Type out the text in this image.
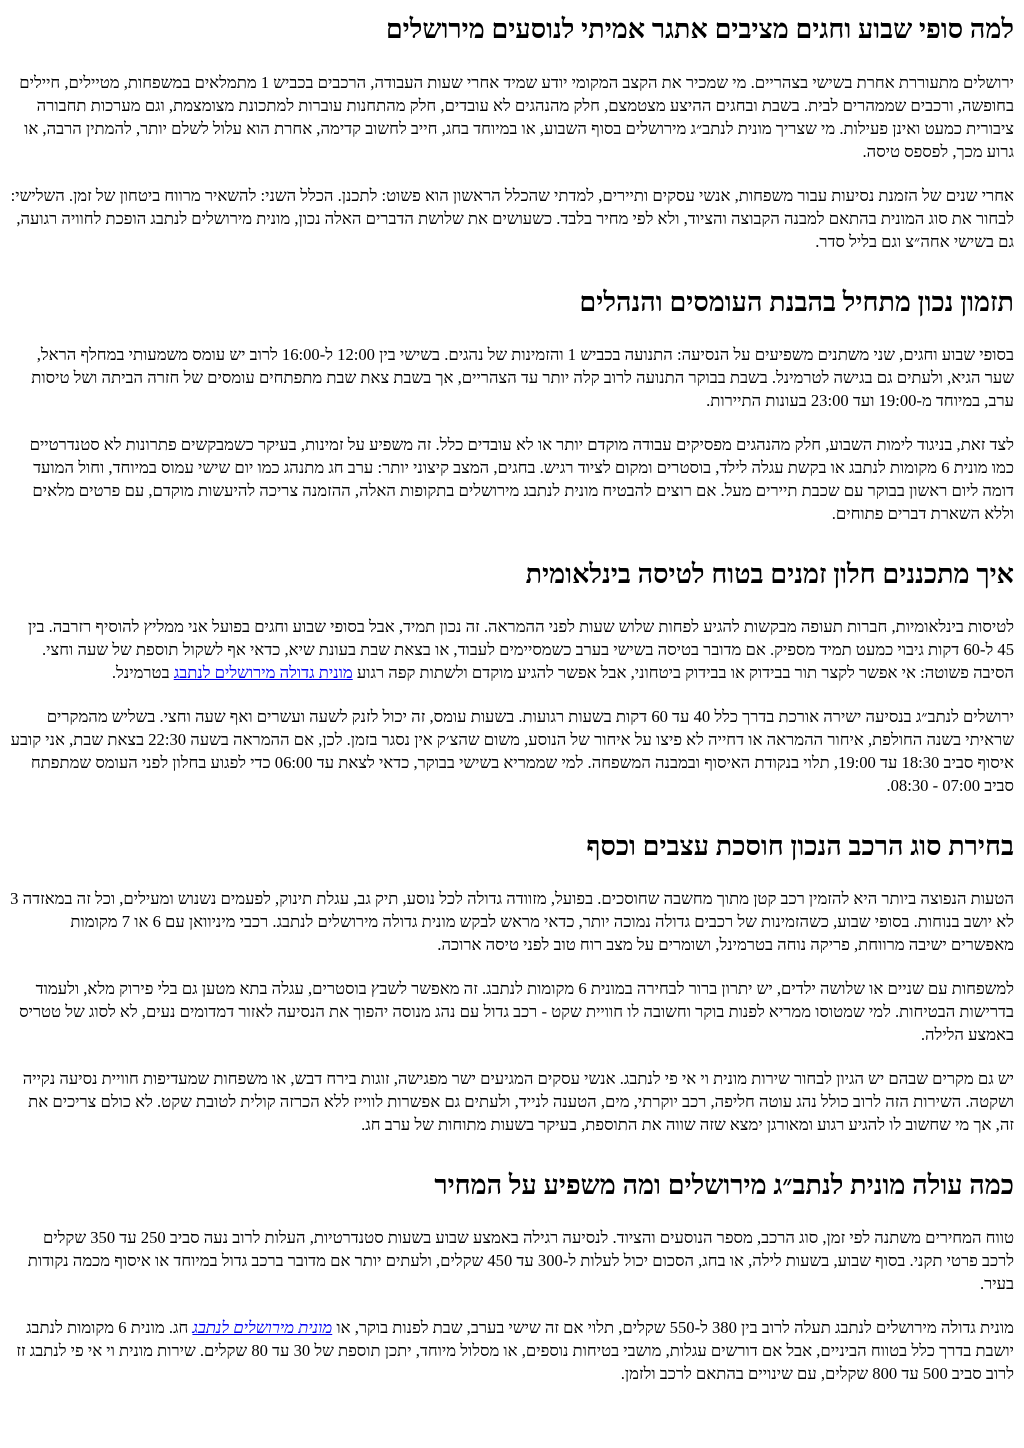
למה סופי שבוע וחגים מציבים אתגר אמיתי לנוסעים מירושלים

ירושלים מתעוררת אחרת בשישי בצהריים. מי שמכיר את הקצב המקומי יודע שמיד אחרי שעות העבודה, הרכבים בכביש 1 מתמלאים במשפחות, מטיילים, חיילים בחופשה, ורכבים שממהרים לבית. בשבת ובחגים ההיצע מצטמצם, חלק מהנהגים לא עובדים, חלק מהתחנות עוברות למתכונת מצומצמת, וגם מערכות תחבורה ציבורית כמעט ואינן פעילות. מי שצריך מונית לנתב״ג מירושלים בסוף השבוע, או במיוחד בחג, חייב לחשוב קדימה, אחרת הוא עלול לשלם יותר, להמתין הרבה, או גרוע מכך, לפספס טיסה.

אחרי שנים של הזמנת נסיעות עבור משפחות, אנשי עסקים ותיירים, למדתי שהכלל הראשון הוא פשוט: לתכנן. הכלל השני: להשאיר מרווח ביטחון של זמן. השלישי: לבחור את סוג המונית בהתאם למבנה הקבוצה והציוד, ולא לפי מחיר בלבד. כשעושים את שלושת הדברים האלה נכון, מונית מירושלים לנתבג הופכת לחוויה רגועה, גם בשישי אחה״צ וגם בליל סדר.

תזמון נכון מתחיל בהבנת העומסים והנהלים

בסופי שבוע וחגים, שני משתנים משפיעים על הנסיעה: התנועה בכביש 1 והזמינות של נהגים. בשישי בין 12:00 ל-16:00 לרוב יש עומס משמעותי במחלף הראל, שער הגיא, ולעתים גם בגישה לטרמינל. בשבת בבוקר התנועה לרוב קלה יותר עד הצהריים, אך בשבת צאת שבת מתפתחים עומסים של חזרה הביתה ושל טיסות ערב, במיוחד מ-19:00 ועד 23:00 בעונות התיירות.

לצד זאת, בניגוד לימות השבוע, חלק מהנהגים מפסיקים עבודה מוקדם יותר או לא עובדים כלל. זה משפיע על זמינות, בעיקר כשמבקשים פתרונות לא סטנדרטיים כמו מונית 6 מקומות לנתבג או בקשת עגלה לילד, בוסטרים ומקום לציוד רגיש. בחגים, המצב קיצוני יותר: ערב חג מתנהג כמו יום שישי עמוס במיוחד, וחול המועד דומה ליום ראשון בבוקר עם שכבת תיירים מעל. אם רוצים להבטיח מונית לנתבג מירושלים בתקופות האלה, ההזמנה צריכה להיעשות מוקדם, עם פרטים מלאים וללא השארת דברים פתוחים.

איך מתכננים חלון זמנים בטוח לטיסה בינלאומית

לטיסות בינלאומיות, חברות תעופה מבקשות להגיע לפחות שלוש שעות לפני ההמראה. זה נכון תמיד, אבל בסופי שבוע וחגים בפועל אני ממליץ להוסיף רזרבה. בין 45 ל-60 דקות גיבוי כמעט תמיד מספיק. אם מדובר בטיסה בשישי בערב כשמסיימים לעבוד, או בצאת שבת בעונת שיא, כדאי אף לשקול תוספת של שעה וחצי. הסיבה פשוטה: אי אפשר לקצר תור בבידוק או בבידוק ביטחוני, אבל אפשר להגיע מוקדם ולשתות קפה רגוע מונית גדולה מירושלים לנתבג בטרמינל.

ירושלים לנתב״ג בנסיעה ישירה אורכת בדרך כלל 40 עד 60 דקות בשעות רגועות. בשעות עומס, זה יכול לזנק לשעה ועשרים ואף שעה וחצי. בשליש מהמקרים שראיתי בשנה החולפת, איחור ההמראה או דחייה לא פיצו על איחור של הנוסע, משום שהצ׳ק אין נסגר בזמן. לכן, אם ההמראה בשעה 22:30 בצאת שבת, אני קובע איסוף סביב 18:30 עד 19:00, תלוי בנקודת האיסוף ובמבנה המשפחה. למי שממריא בשישי בבוקר, כדאי לצאת עד 06:00 כדי לפגוע בחלון לפני העומס שמתפתח סביב 07:00 - 08:30.

בחירת סוג הרכב הנכון חוסכת עצבים וכסף

הטעות הנפוצה ביותר היא להזמין רכב קטן מתוך מחשבה שחוסכים. בפועל, מזוודה גדולה לכל נוסע, תיק גב, עגלת תינוק, לפעמים נשנוש ומעילים, וכל זה במאזדה 3 לא יושב בנוחות. בסופי שבוע, כשהזמינות של רכבים גדולה נמוכה יותר, כדאי מראש לבקש מונית גדולה מירושלים לנתבג. רכבי מיניוואן עם 6 או 7 מקומות מאפשרים ישיבה מרווחת, פריקה נוחה בטרמינל, ושומרים על מצב רוח טוב לפני טיסה ארוכה.

למשפחות עם שניים או שלושה ילדים, יש יתרון ברור לבחירה במונית 6 מקומות לנתבג. זה מאפשר לשבץ בוסטרים, עגלה בתא מטען גם בלי פירוק מלא, ולעמוד בדרישות הבטיחות. למי שמטוסו ממריא לפנות בוקר וחשובה לו חוויית שקט - רכב גדול עם נהג מנוסה יהפוך את הנסיעה לאזור דמדומים נעים, לא לסוג של טטריס באמצע הלילה.

יש גם מקרים שבהם יש הגיון לבחור שירות מונית וי אי פי לנתבג. אנשי עסקים המגיעים ישר מפגישה, זוגות בירח דבש, או משפחות שמעדיפות חוויית נסיעה נקייה ושקטה. השירות הזה לרוב כולל נהג עוטה חליפה, רכב יוקרתי, מים, הטענה לנייד, ולעתים גם אפשרות לווייז ללא הכרזה קולית לטובת שקט. לא כולם צריכים את זה, אך מי שחשוב לו להגיע רגוע ומאורגן ימצא שזה שווה את התוספת, בעיקר בשעות מתוחות של ערב חג.

כמה עולה מונית לנתב״ג מירושלים ומה משפיע על המחיר

טווח המחירים משתנה לפי זמן, סוג הרכב, מספר הנוסעים והציוד. לנסיעה רגילה באמצע שבוע בשעות סטנדרטיות, העלות לרוב נעה סביב 250 עד 350 שקלים לרכב פרטי תקני. בסוף שבוע, בשעות לילה, או בחג, הסכום יכול לעלות ל-300 עד 450 שקלים, ולעתים יותר אם מדובר ברכב גדול במיוחד או איסוף מכמה נקודות בעיר.

מונית גדולה מירושלים לנתבג תעלה לרוב בין 380 ל-550 שקלים, תלוי אם זה שישי בערב, שבת לפנות בוקר, או מונית מירושלים לנתבג חג. מונית 6 מקומות לנתבג יושבת בדרך כלל בטווח הביניים, אבל אם דורשים עגלות, מושבי בטיחות נוספים, או מסלול מיוחד, יתכן תוספת של 30 עד 80 שקלים. שירות מונית וי אי פי לנתבג זז לרוב סביב 500 עד 800 שקלים, עם שינויים בהתאם לרכב ולזמן.
